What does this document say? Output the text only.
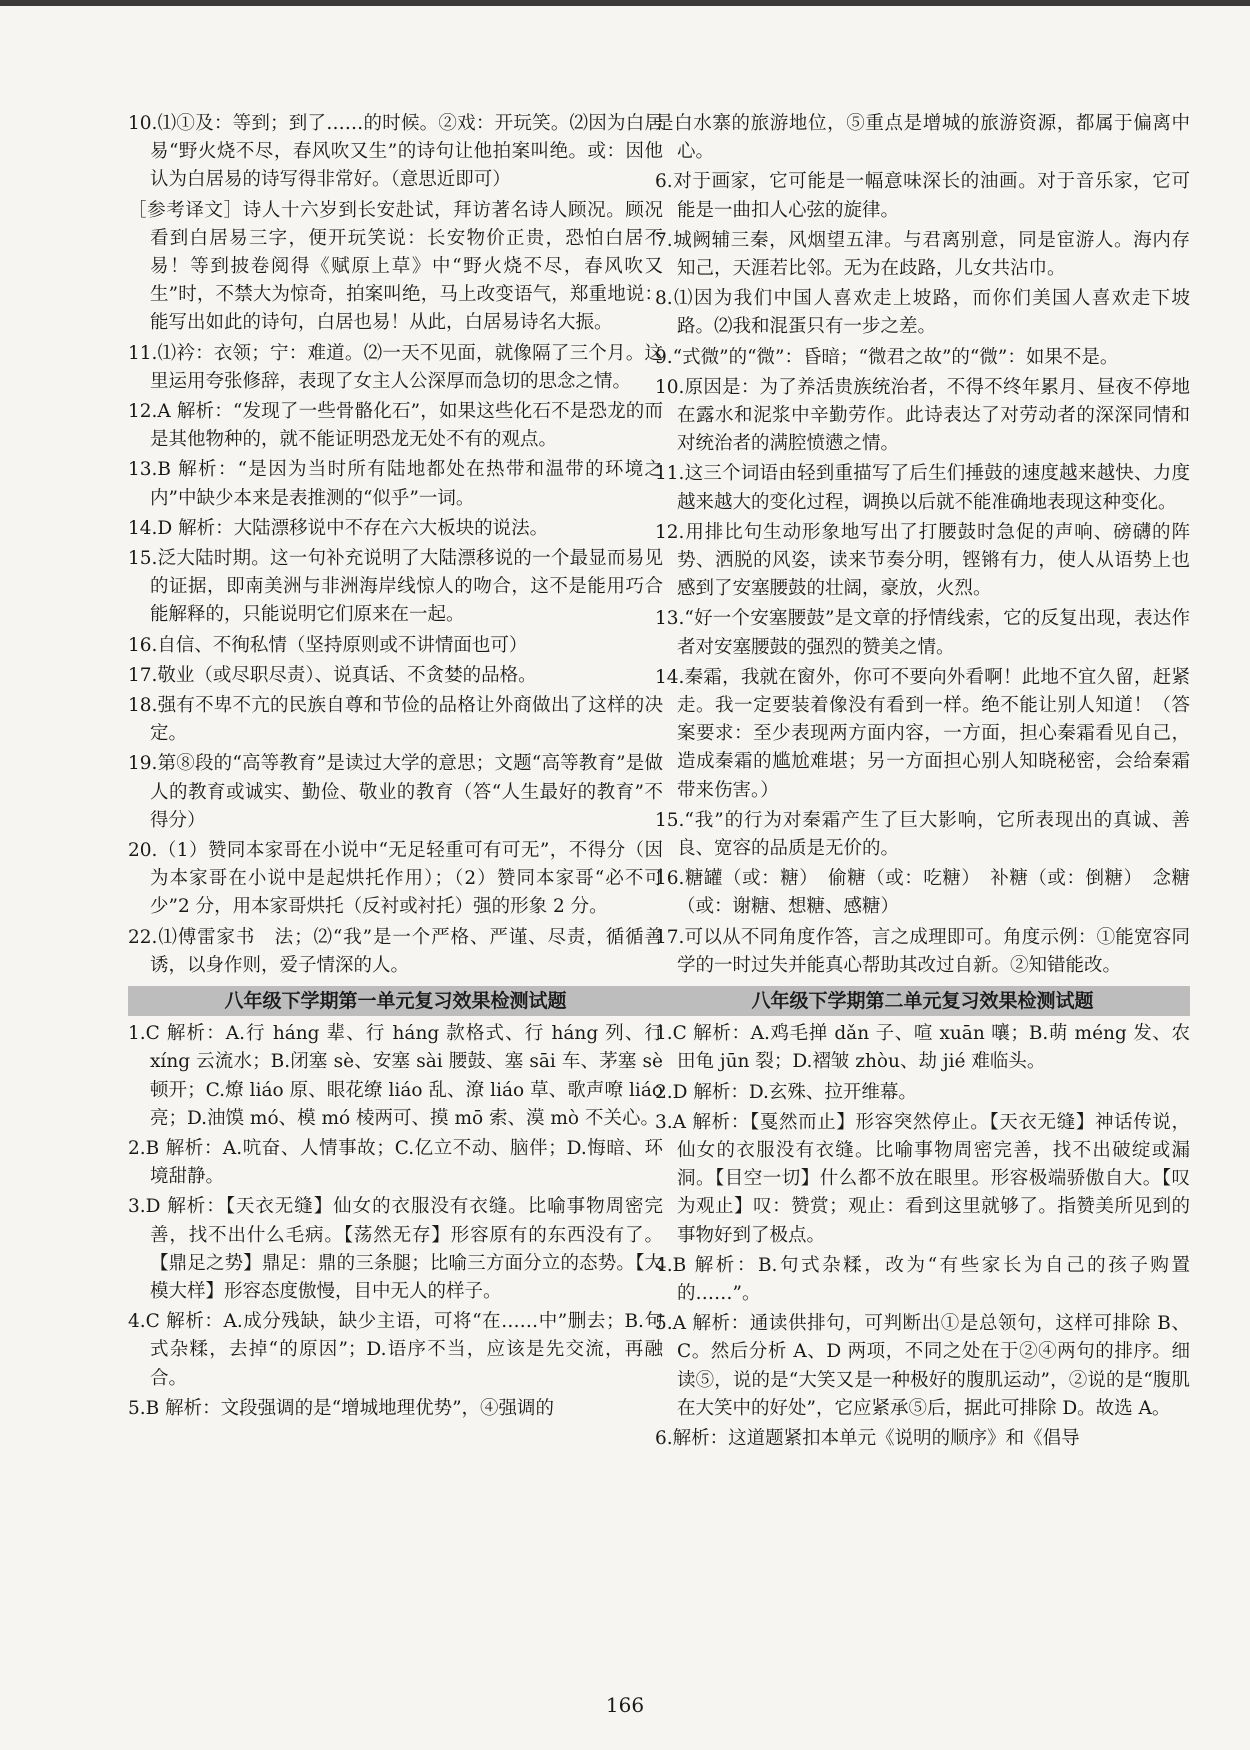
10.⑴①及：等到；到了……的时候。②戏：开玩笑。⑵因为白居易“野火烧不尽，春风吹又生”的诗句让他拍案叫绝。或：因他认为白居易的诗写得非常好。（意思近即可）

［参考译文］诗人十六岁到长安赴试，拜访著名诗人顾况。顾况看到白居易三字，便开玩笑说：长安物价正贵，恐怕白居不易！等到披卷阅得《赋原上草》中“野火烧不尽，春风吹又生”时，不禁大为惊奇，拍案叫绝，马上改变语气，郑重地说：能写出如此的诗句，白居也易！从此，白居易诗名大振。

11.⑴衿：衣领；宁：难道。⑵一天不见面，就像隔了三个月。这里运用夸张修辞，表现了女主人公深厚而急切的思念之情。

12.A 解析：“发现了一些骨骼化石”，如果这些化石不是恐龙的而是其他物种的，就不能证明恐龙无处不有的观点。

13.B 解析：“是因为当时所有陆地都处在热带和温带的环境之内”中缺少本来是表推测的“似乎”一词。

14.D 解析：大陆漂移说中不存在六大板块的说法。

15.泛大陆时期。这一句补充说明了大陆漂移说的一个最显而易见的证据，即南美洲与非洲海岸线惊人的吻合，这不是能用巧合能解释的，只能说明它们原来在一起。

16.自信、不徇私情（坚持原则或不讲情面也可）

17.敬业（或尽职尽责）、说真话、不贪婪的品格。

18.强有不卑不亢的民族自尊和节俭的品格让外商做出了这样的决定。

19.第⑧段的“高等教育”是读过大学的意思；文题“高等教育”是做人的教育或诚实、勤俭、敬业的教育（答“人生最好的教育”不得分）

20.（1）赞同本家哥在小说中“无足轻重可有可无”，不得分（因为本家哥在小说中是起烘托作用）；（2）赞同本家哥“必不可少”2 分，用本家哥烘托（反衬或衬托）强的形象 2 分。

22.⑴傅雷家书　法；⑵“我”是一个严格、严谨、尽责，循循善诱，以身作则，爱子情深的人。

八年级下学期第一单元复习效果检测试题

1.C 解析：A.行 háng 辈、行 háng 款格式、行 háng 列、行 xíng 云流水；B.闭塞 sè、安塞 sài 腰鼓、塞 sāi 车、茅塞 sè 顿开；C.燎 liáo 原、眼花缭 liáo 乱、潦 liáo 草、歌声嘹 liáo 亮；D.油馍 mó、模 mó 棱两可、摸 mō 索、漠 mò 不关心。

2.B 解析：A.吭奋、人情事故；C.亿立不动、脑伴；D.悔暗、环境甜静。

3.D 解析：【天衣无缝】仙女的衣服没有衣缝。比喻事物周密完善，找不出什么毛病。【荡然无存】形容原有的东西没有了。【鼎足之势】鼎足：鼎的三条腿；比喻三方面分立的态势。【大模大样】形容态度傲慢，目中无人的样子。

4.C 解析：A.成分残缺，缺少主语，可将“在……中”删去；B.句式杂糅，去掉“的原因”；D.语序不当，应该是先交流，再融合。

5.B 解析：文段强调的是“增城地理优势”，④强调的

是白水寨的旅游地位，⑤重点是增城的旅游资源，都属于偏离中心。

6.对于画家，它可能是一幅意味深长的油画。对于音乐家，它可能是一曲扣人心弦的旋律。

7.城阙辅三秦，风烟望五津。与君离别意，同是宦游人。海内存知己，天涯若比邻。无为在歧路，儿女共沾巾。

8.⑴因为我们中国人喜欢走上坡路，而你们美国人喜欢走下坡路。⑵我和混蛋只有一步之差。

9.“式微”的“微”：昏暗；“微君之故”的“微”：如果不是。

10.原因是：为了养活贵族统治者，不得不终年累月、昼夜不停地在露水和泥浆中辛勤劳作。此诗表达了对劳动者的深深同情和对统治者的满腔愤懑之情。

11.这三个词语由轻到重描写了后生们捶鼓的速度越来越快、力度越来越大的变化过程，调换以后就不能准确地表现这种变化。

12.用排比句生动形象地写出了打腰鼓时急促的声响、磅礴的阵势、洒脱的风姿，读来节奏分明，铿锵有力，使人从语势上也感到了安塞腰鼓的壮阔，豪放，火烈。

13.“好一个安塞腰鼓”是文章的抒情线索，它的反复出现，表达作者对安塞腰鼓的强烈的赞美之情。

14.秦霜，我就在窗外，你可不要向外看啊！此地不宜久留，赶紧走。我一定要装着像没有看到一样。绝不能让别人知道！（答案要求：至少表现两方面内容，一方面，担心秦霜看见自己，造成秦霜的尴尬难堪；另一方面担心别人知晓秘密，会给秦霜带来伤害。）

15.“我”的行为对秦霜产生了巨大影响，它所表现出的真诚、善良、宽容的品质是无价的。

16.糖罐（或：糖）　偷糖（或：吃糖）　补糖（或：倒糖）　念糖（或：谢糖、想糖、感糖）

17.可以从不同角度作答，言之成理即可。角度示例：①能宽容同学的一时过失并能真心帮助其改过自新。②知错能改。

八年级下学期第二单元复习效果检测试题

1.C 解析：A.鸡毛掸 dǎn 子、喧 xuān 嚷；B.萌 méng 发、农田龟 jūn 裂；D.褶皱 zhòu、劫 jié 难临头。

2.D 解析：D.玄殊、拉开维幕。

3.A 解析：【戛然而止】形容突然停止。【天衣无缝】神话传说，仙女的衣服没有衣缝。比喻事物周密完善，找不出破绽或漏洞。【目空一切】什么都不放在眼里。形容极端骄傲自大。【叹为观止】叹：赞赏；观止：看到这里就够了。指赞美所见到的事物好到了极点。

4.B 解析：B.句式杂糅，改为“有些家长为自己的孩子购置的……”。

5.A 解析：通读供排句，可判断出①是总领句，这样可排除 B、C。然后分析 A、D 两项，不同之处在于②④两句的排序。细读⑤，说的是“大笑又是一种极好的腹肌运动”，②说的是“腹肌在大笑中的好处”，它应紧承⑤后，据此可排除 D。故选 A。

6.解析：这道题紧扣本单元《说明的顺序》和《倡导

166
